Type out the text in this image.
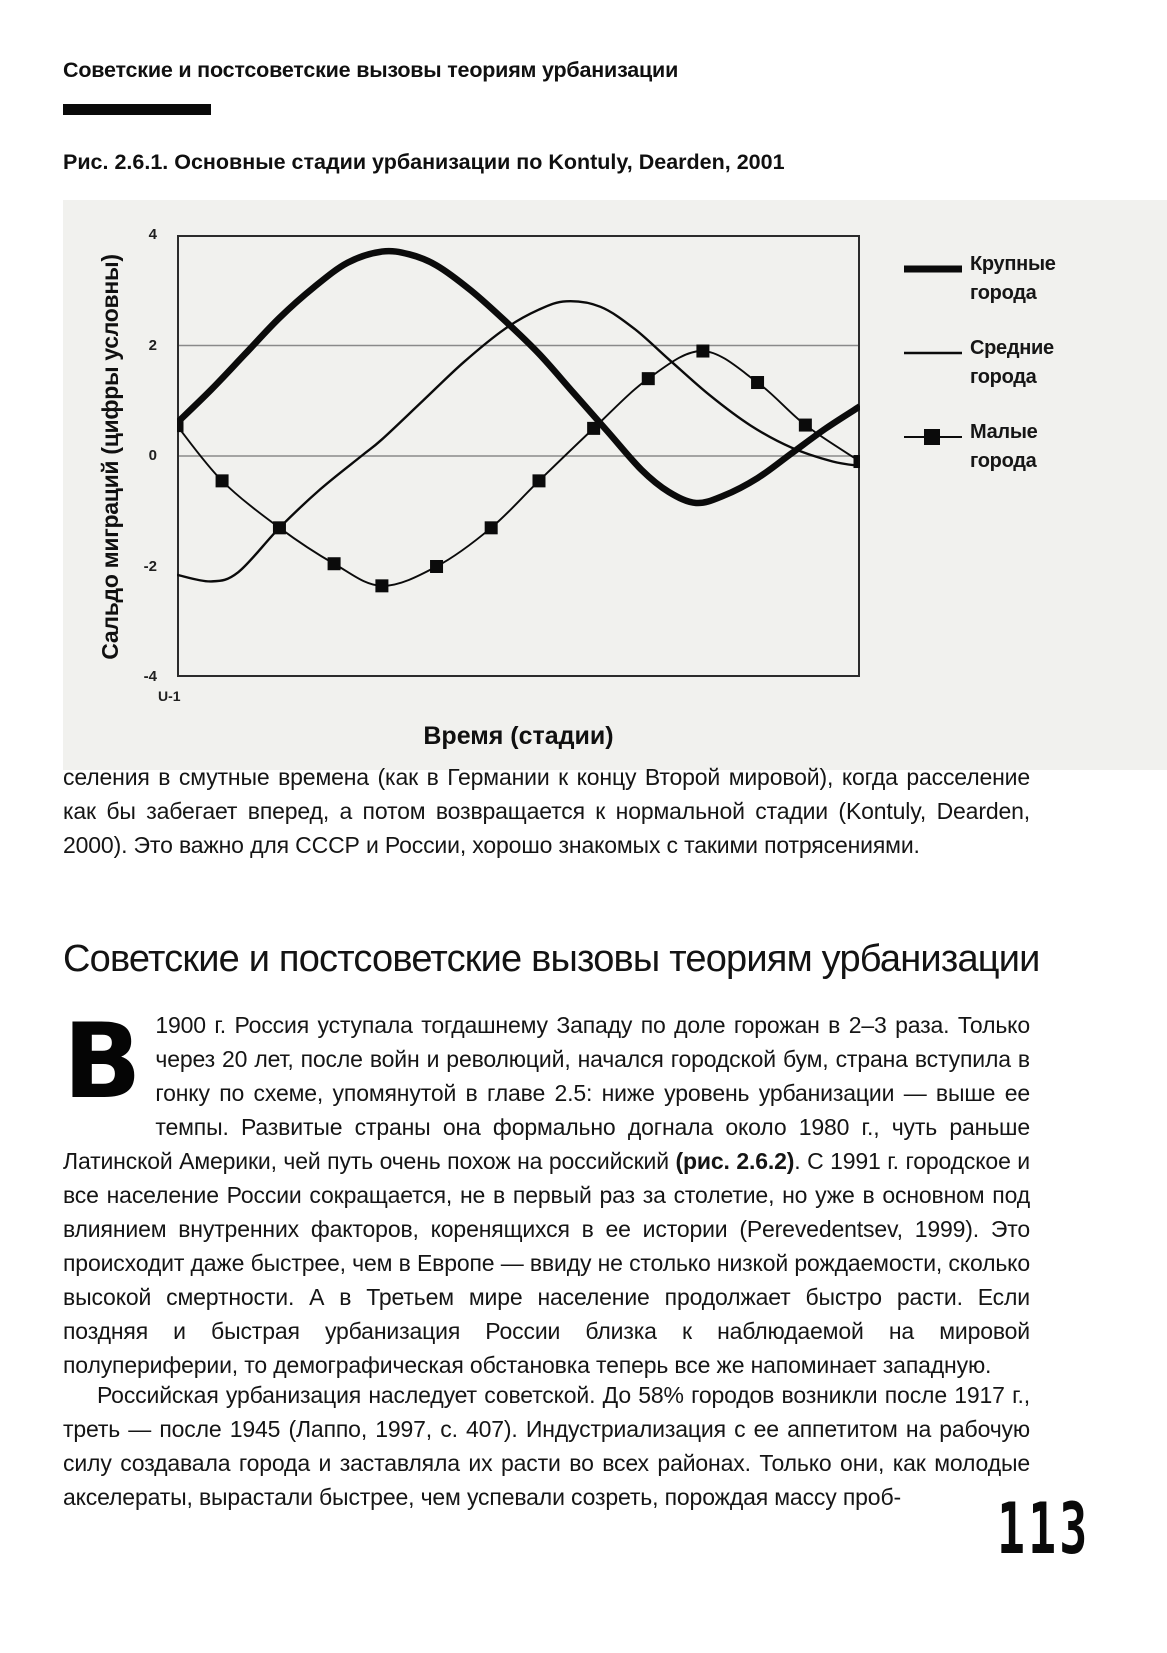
Советские и постсоветские вызовы теориям урбанизации
Рис. 2.6.1. Основные стадии урбанизации по Kontuly, Dearden, 2001
Сальдо миграций (цифры условны)
4
2
0
-2
-4
U-1
Время (стадии)
Крупные города
Средние города
Малые города

селения в смутные времена (как в Германии к концу Второй мировой), когда расселение как бы забегает вперед, а потом возвращается к нормальной стадии (Kontuly, Dearden, 2000). Это важно для СССР и России, хорошо знакомых с такими потрясениями.

Советские и постсоветские вызовы теориям урбанизации

В 1900 г. Россия уступала тогдашнему Западу по доле горожан в 2–3 раза. Только через 20 лет, после войн и революций, начался городской бум, страна вступила в гонку по схеме, упомянутой в главе 2.5: ниже уровень урбанизации — выше ее темпы. Развитые страны она формально догнала около 1980 г., чуть раньше Латинской Америки, чей путь очень похож на российский (рис. 2.6.2). С 1991 г. городское и все население России сокращается, не в первый раз за столетие, но уже в основном под влиянием внутренних факторов, коренящихся в ее истории (Perevedentsev, 1999). Это происходит даже быстрее, чем в Европе — ввиду не столько низкой рождаемости, сколько высокой смертности. А в Третьем мире население продолжает быстро расти. Если поздняя и быстрая урбанизация России близка к наблюдаемой на мировой полупериферии, то демографическая обстановка теперь все же напоминает западную.

Российская урбанизация наследует советской. До 58% городов возникли после 1917 г., треть — после 1945 (Лаппо, 1997, с. 407). Индустриализация с ее аппетитом на рабочую силу создавала города и заставляла их расти во всех районах. Только они, как молодые акселераты, вырастали быстрее, чем успевали созреть, порождая массу проб-	113
